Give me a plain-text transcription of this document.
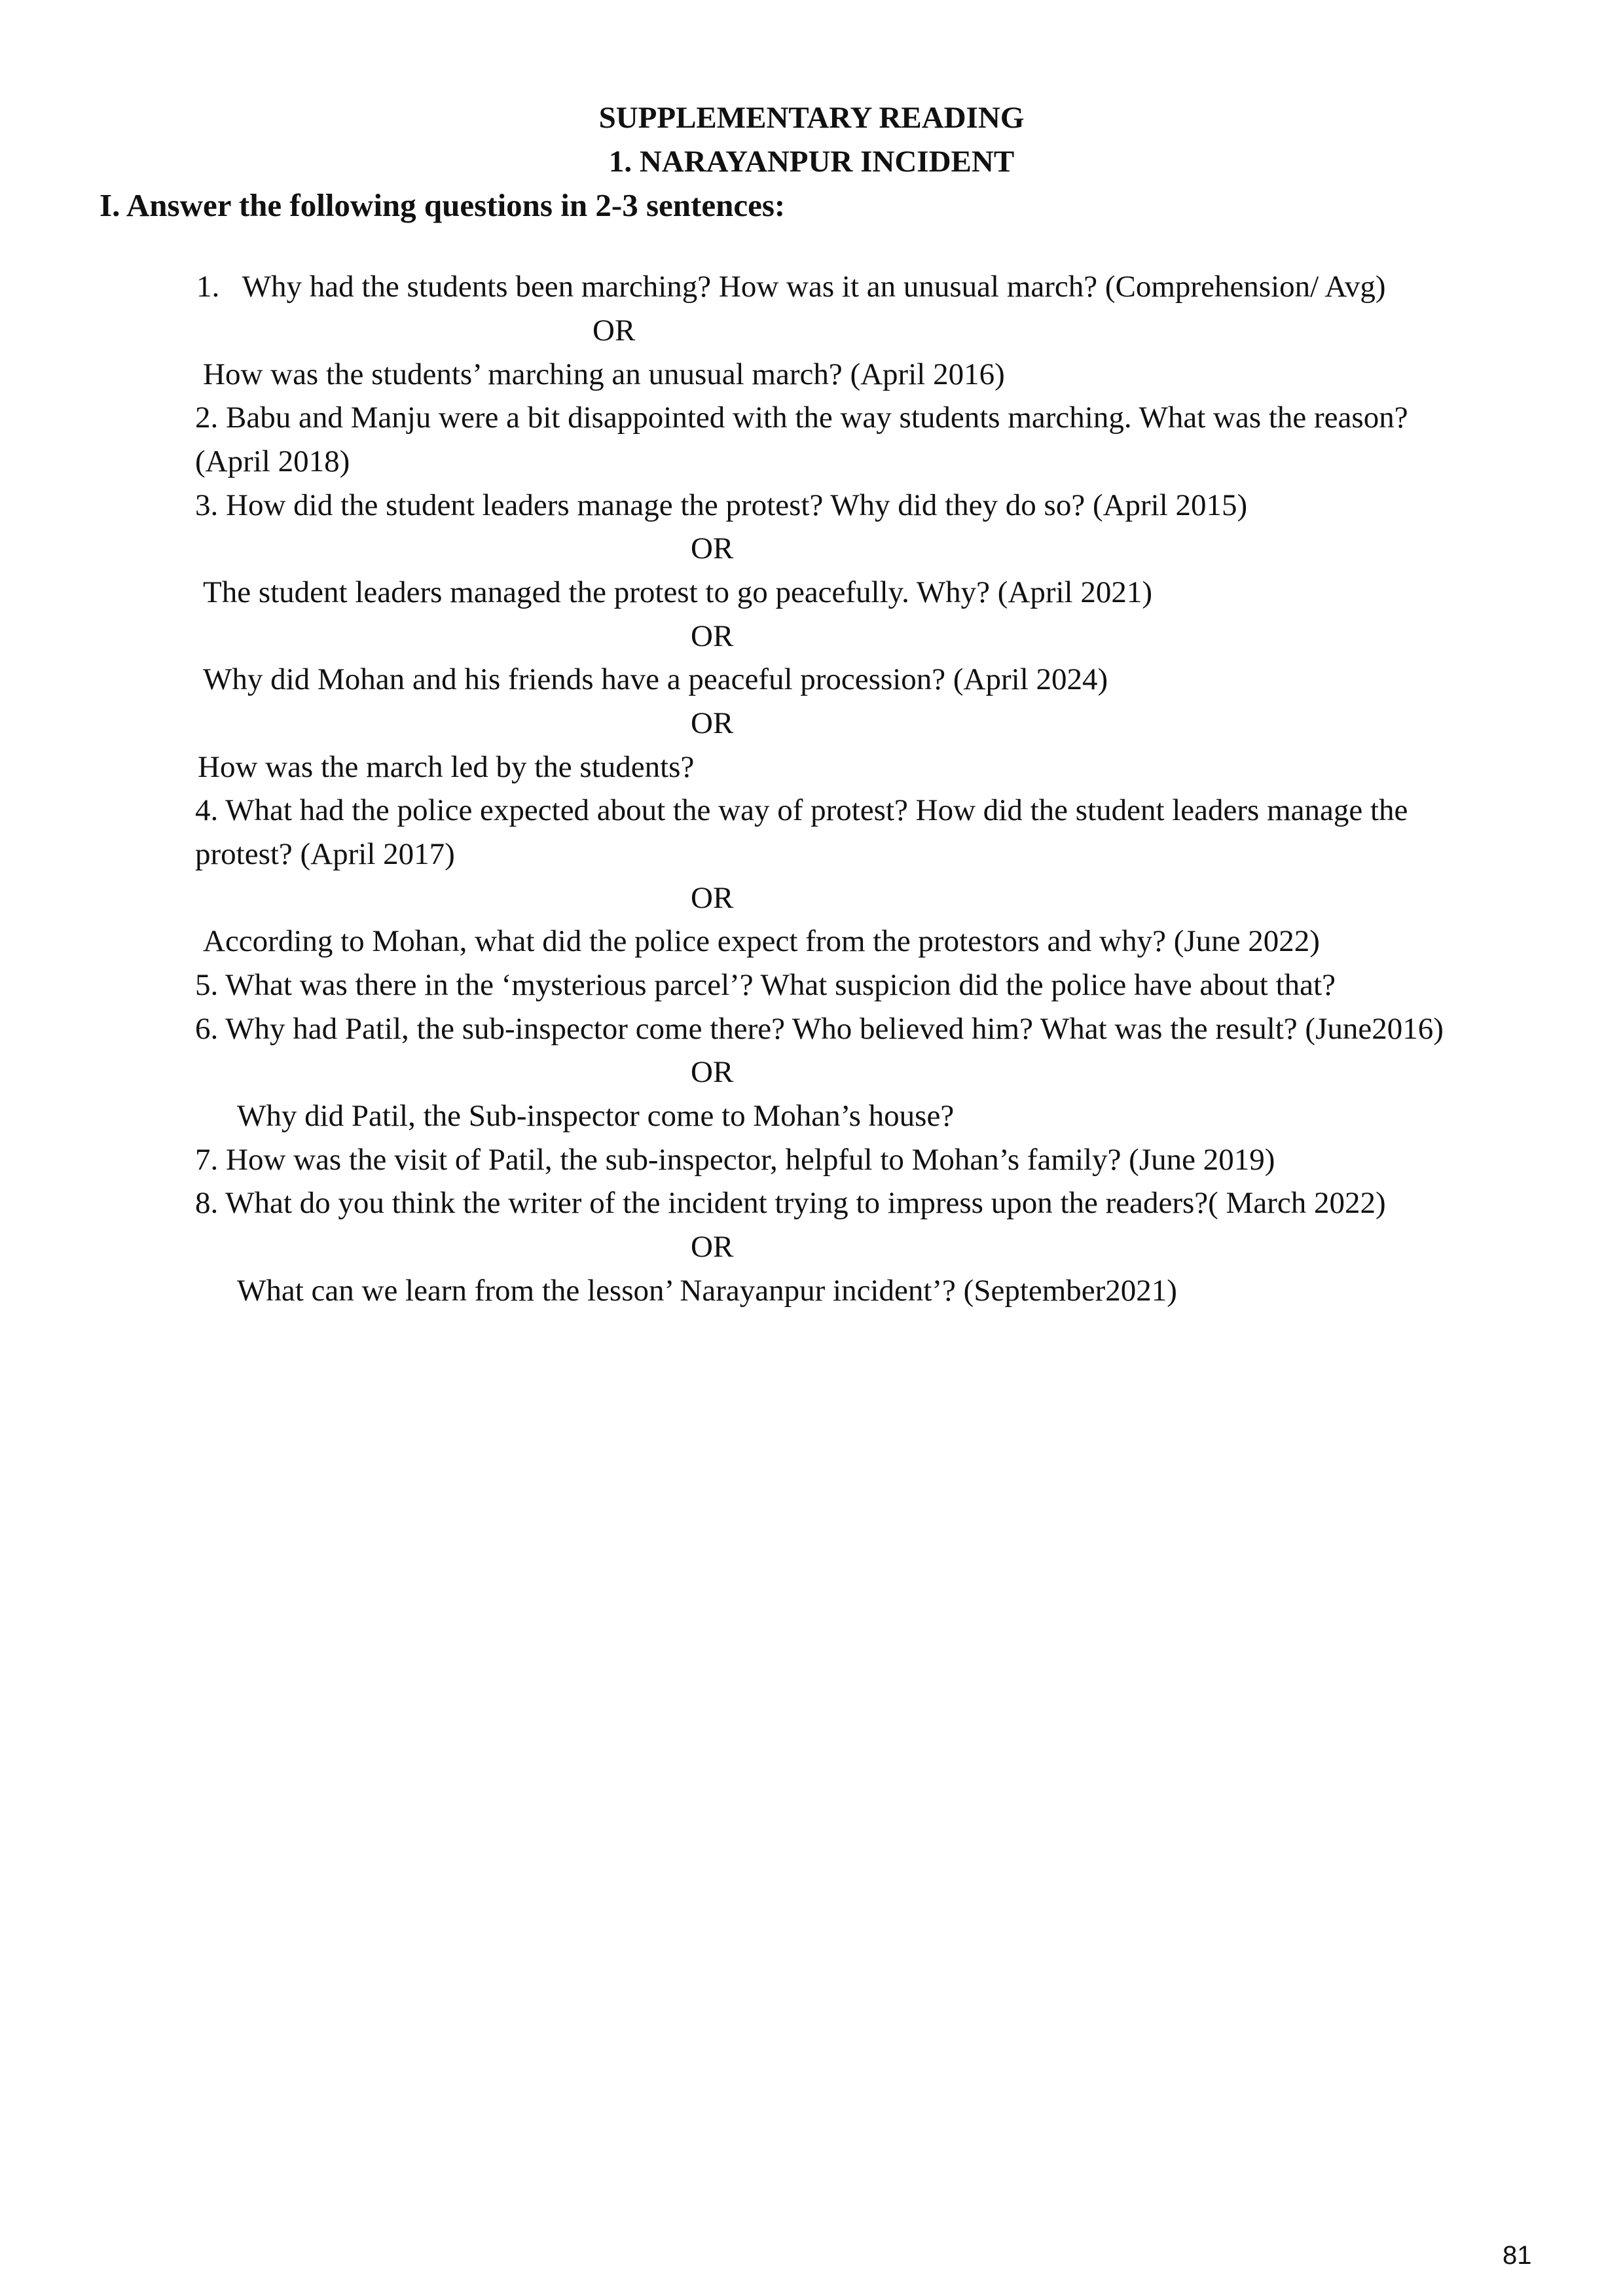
SUPPLEMENTARY READING
1. NARAYANPUR INCIDENT
I. Answer the following questions in 2-3 sentences:
1.   Why had the students been marching? How was it an unusual march? (Comprehension/ Avg)
OR
How was the students’ marching an unusual march? (April 2016)
2. Babu and Manju were a bit disappointed with the way students marching. What was the reason?
(April 2018)
3. How did the student leaders manage the protest? Why did they do so? (April 2015)
OR
The student leaders managed the protest to go peacefully. Why? (April 2021)
OR
Why did Mohan and his friends have a peaceful procession? (April 2024)
OR
How was the march led by the students?
4. What had the police expected about the way of protest? How did the student leaders manage the
protest? (April 2017)
OR
According to Mohan, what did the police expect from the protestors and why? (June 2022)
5. What was there in the ‘mysterious parcel’? What suspicion did the police have about that?
6. Why had Patil, the sub-inspector come there? Who believed him? What was the result? (June2016)
OR
Why did Patil, the Sub-inspector come to Mohan’s house?
7. How was the visit of Patil, the sub-inspector, helpful to Mohan’s family? (June 2019)
8. What do you think the writer of the incident trying to impress upon the readers?( March 2022)
OR
What can we learn from the lesson’ Narayanpur incident’? (September2021)
81
